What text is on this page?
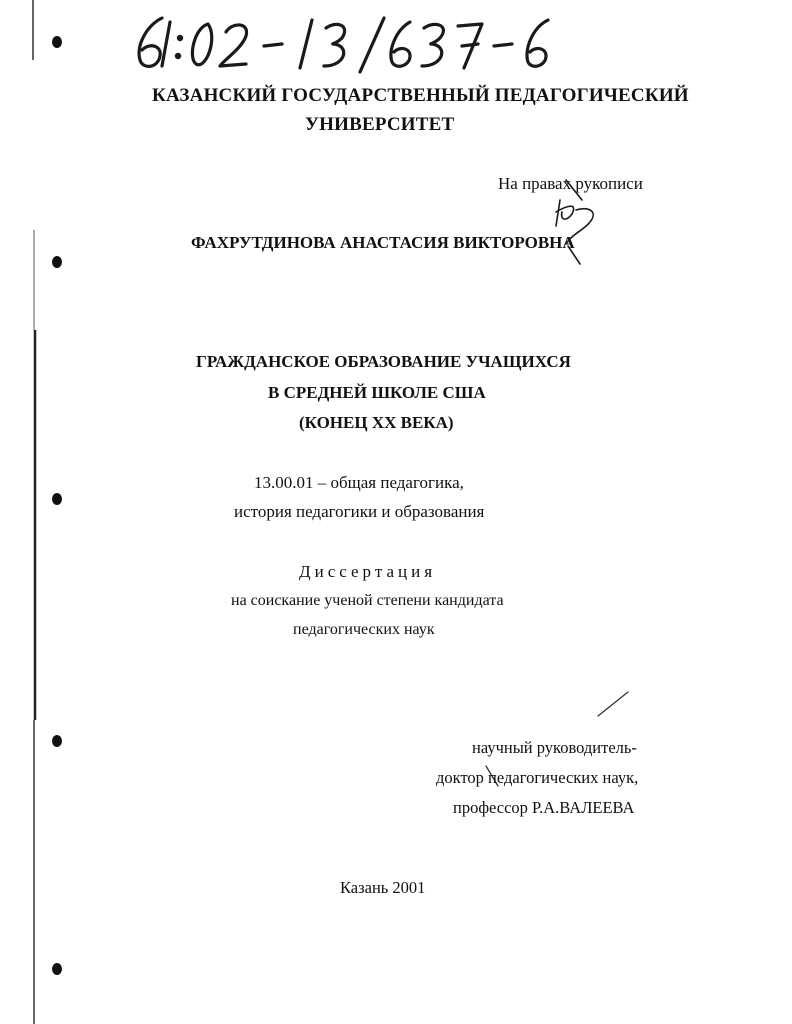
КАЗАНСКИЙ ГОСУДАРСТВЕННЫЙ ПЕДАГОГИЧЕСКИЙ
УНИВЕРСИТЕТ
На правах рукописи
ФАХРУТДИНОВА АНАСТАСИЯ ВИКТОРОВНА
ГРАЖДАНСКОЕ ОБРАЗОВАНИЕ УЧАЩИХСЯ
В СРЕДНЕЙ ШКОЛЕ США
(КОНЕЦ XX ВЕКА)
13.00.01 – общая педагогика,
история педагогики и образования
Диссертация
на соискание ученой степени кандидата
педагогических наук
научный руководитель-
доктор педагогических наук,
профессор Р.А.ВАЛЕЕВА
Казань 2001
